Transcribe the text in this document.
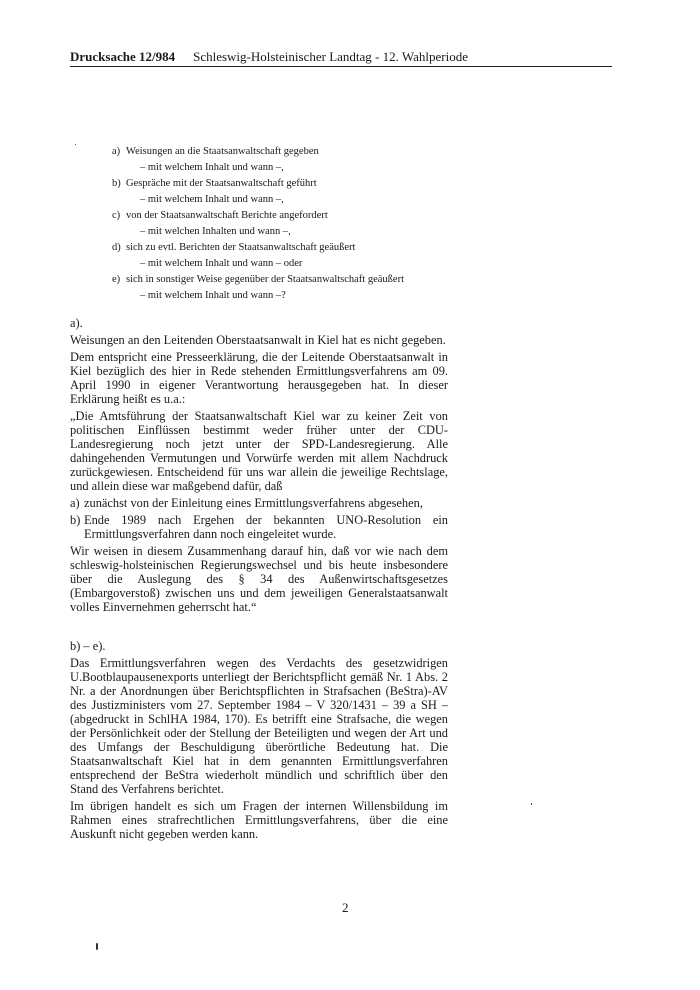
Drucksache 12/984 Schleswig-Holsteinischer Landtag - 12. Wahlperiode
a) Weisungen an die Staatsanwaltschaft gegeben
– mit welchem Inhalt und wann –,
b) Gespräche mit der Staatsanwaltschaft geführt
– mit welchem Inhalt und wann –,
c) von der Staatsanwaltschaft Berichte angefordert
– mit welchen Inhalten und wann –,
d) sich zu evtl. Berichten der Staatsanwaltschaft geäußert
– mit welchem Inhalt und wann – oder
e) sich in sonstiger Weise gegenüber der Staatsanwaltschaft geäußert
– mit welchem Inhalt und wann –?
a).

Weisungen an den Leitenden Oberstaatsanwalt in Kiel hat es nicht gegeben.

Dem entspricht eine Presseerklärung, die der Leitende Oberstaatsanwalt in Kiel bezüglich des hier in Rede stehenden Ermittlungsverfahrens am 09. April 1990 in eigener Verantwortung herausgegeben hat. In dieser Erklärung heißt es u.a.:

„Die Amtsführung der Staatsanwaltschaft Kiel war zu keiner Zeit von politischen Einflüssen bestimmt weder früher unter der CDU-Landesregierung noch jetzt unter der SPD-Landesregierung. Alle dahingehenden Vermutungen und Vorwürfe werden mit allem Nachdruck zurückgewiesen. Entscheidend für uns war allein die jeweilige Rechtslage, und allein diese war maßgebend dafür, daß

a) zunächst von der Einleitung eines Ermittlungsverfahrens abgesehen,
b) Ende 1989 nach Ergehen der bekannten UNO-Resolution ein Ermittlungsverfahren dann noch eingeleitet wurde.

Wir weisen in diesem Zusammenhang darauf hin, daß vor wie nach dem schleswig-holsteinischen Regierungswechsel und bis heute insbesondere über die Auslegung des § 34 des Außenwirtschaftsgesetzes (Embargoverstoß) zwischen uns und dem jeweiligen Generalstaatsanwalt volles Einvernehmen geherrscht hat.“

b) – e).

Das Ermittlungsverfahren wegen des Verdachts des gesetzwidrigen U.Bootblaupausenexports unterliegt der Berichtspflicht gemäß Nr. 1 Abs. 2 Nr. a der Anordnungen über Berichtspflichten in Strafsachen (BeStra)-AV des Justizministers vom 27. September 1984 – V 320/1431 – 39 a SH – (abgedruckt in SchlHA 1984, 170). Es betrifft eine Strafsache, die wegen der Persönlichkeit oder der Stellung der Beteiligten und wegen der Art und des Umfangs der Beschuldigung überörtliche Bedeutung hat. Die Staatsanwaltschaft Kiel hat in dem genannten Ermittlungsverfahren entsprechend der BeStra wiederholt mündlich und schriftlich über den Stand des Verfahrens berichtet.

Im übrigen handelt es sich um Fragen der internen Willensbildung im Rahmen eines strafrechtlichen Ermittlungsverfahrens, über die eine Auskunft nicht gegeben werden kann.

2
